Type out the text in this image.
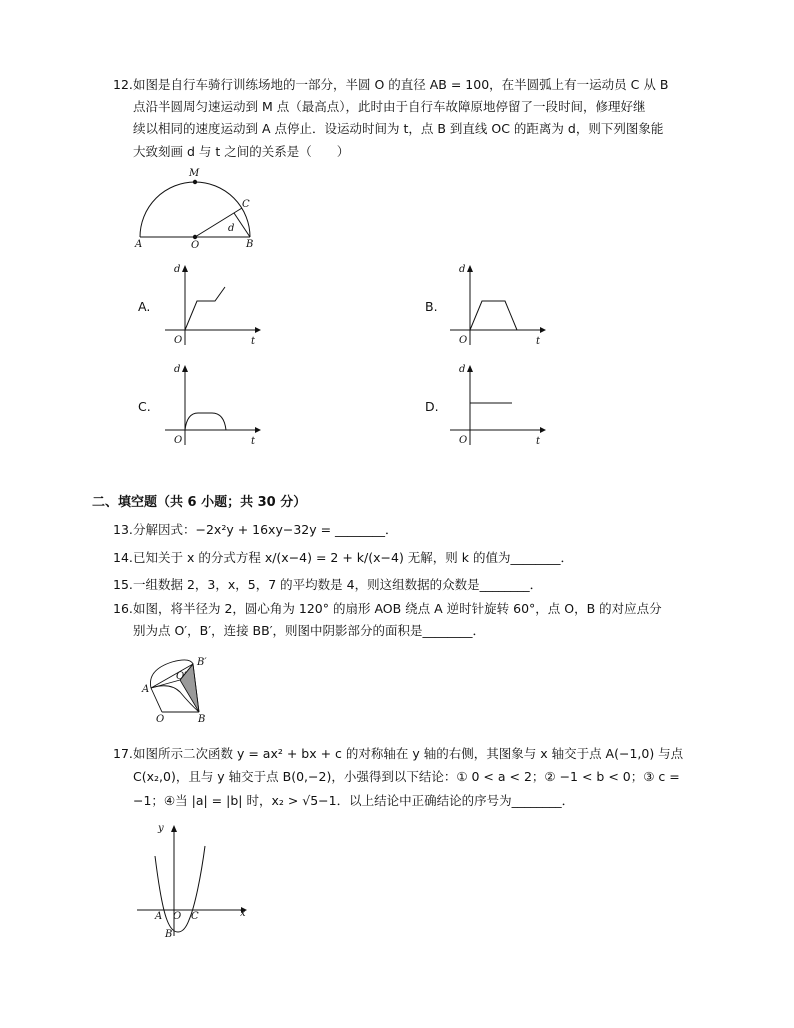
12. 如图是自行车骑行训练场地的一部分，半圆 O 的直径 AB = 100，在半圆弧上有一运动员 C 从 B
点沿半圆周匀速运动到 M 点（最高点），此时由于自行车故障原地停留了一段时间，修理好继
续以相同的速度运动到 A 点停止．设运动时间为 t，点 B 到直线 OC 的距离为 d，则下列图象能
大致刻画 d 与 t 之间的关系是（　　）
M
C
A	O	B
d
A.
d
t
O
B.
d
t
O
C.
d
t
O
D.
d
t
O
二、填空题（共 6 小题；共 30 分）
13. 分解因式：−2x²y + 16xy−32y = ________．
14. 已知关于 x 的分式方程 x/(x−4) = 2 + k/(x−4) 无解，则 k 的值为________．
15. 一组数据 2，3，x，5，7 的平均数是 4，则这组数据的众数是________．
16. 如图，将半径为 2，圆心角为 120° 的扇形 AOB 绕点 A 逆时针旋转 60°，点 O，B 的对应点分
别为点 O′，B′，连接 BB′，则图中阴影部分的面积是________．
B′
O′
A
O	B
17. 如图所示二次函数 y = ax² + bx + c 的对称轴在 y 轴的右侧，其图象与 x 轴交于点 A(−1,0) 与点
C(x₂,0)，且与 y 轴交于点 B(0,−2)，小强得到以下结论：① 0 < a < 2；② −1 < b < 0；③ c =
−1；④当 |a| = |b| 时，x₂ > √5−1．以上结论中正确结论的序号为________．
y
x
A O C
B
